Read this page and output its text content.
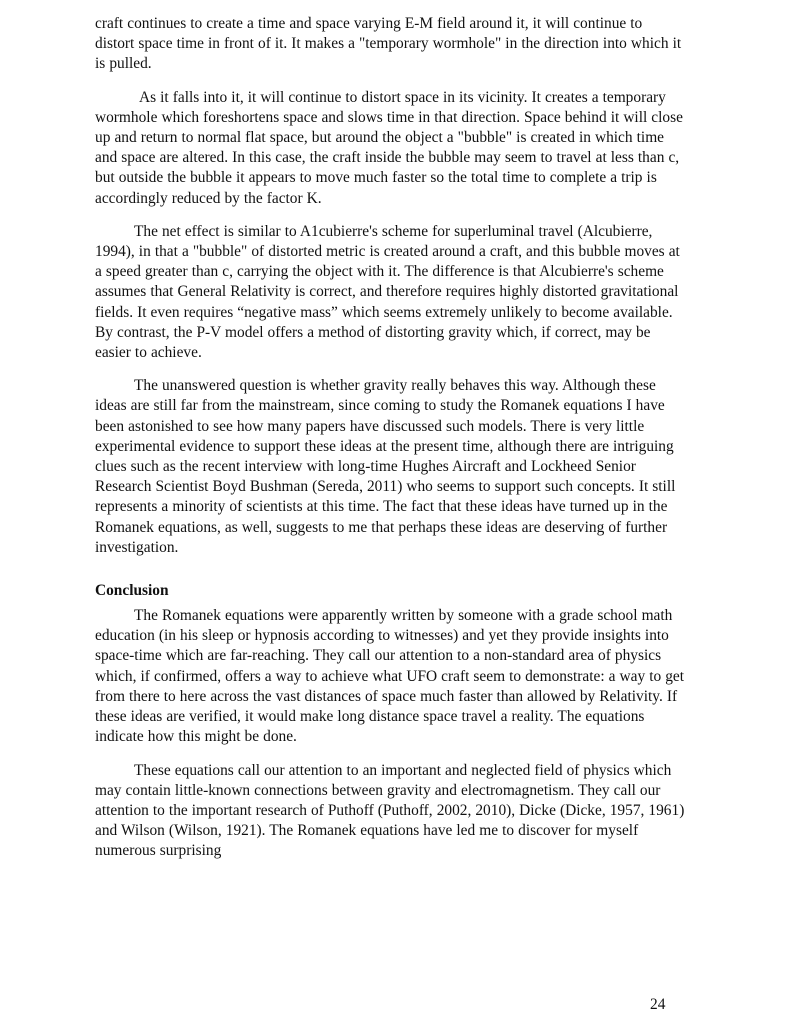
craft continues to create a time and space varying E-M field around it, it will continue to distort space time in front of it. It makes a "temporary wormhole" in the direction into which it is pulled.

As it falls into it, it will continue to distort space in its vicinity. It creates a temporary wormhole which foreshortens space and slows time in that direction. Space behind it will close up and return to normal flat space, but around the object a "bubble" is created in which time and space are altered. In this case, the craft inside the bubble may seem to travel at less than c, but outside the bubble it appears to move much faster so the total time to complete a trip is accordingly reduced by the factor K.

The net effect is similar to A1cubierre's scheme for superluminal travel (Alcubierre, 1994), in that a "bubble" of distorted metric is created around a craft, and this bubble moves at a speed greater than c, carrying the object with it. The difference is that Alcubierre's scheme assumes that General Relativity is correct, and therefore requires highly distorted gravitational fields. It even requires “negative mass” which seems extremely unlikely to become available. By contrast, the P-V model offers a method of distorting gravity which, if correct, may be easier to achieve.

The unanswered question is whether gravity really behaves this way. Although these ideas are still far from the mainstream, since coming to study the Romanek equations I have been astonished to see how many papers have discussed such models. There is very little experimental evidence to support these ideas at the present time, although there are intriguing clues such as the recent interview with long-time Hughes Aircraft and Lockheed Senior Research Scientist Boyd Bushman (Sereda, 2011) who seems to support such concepts. It still represents a minority of scientists at this time. The fact that these ideas have turned up in the Romanek equations, as well, suggests to me that perhaps these ideas are deserving of further investigation.

Conclusion

The Romanek equations were apparently written by someone with a grade school math education (in his sleep or hypnosis according to witnesses) and yet they provide insights into space-time which are far-reaching. They call our attention to a non-standard area of physics which, if confirmed, offers a way to achieve what UFO craft seem to demonstrate: a way to get from there to here across the vast distances of space much faster than allowed by Relativity. If these ideas are verified, it would make long distance space travel a reality. The equations indicate how this might be done.

These equations call our attention to an important and neglected field of physics which may contain little-known connections between gravity and electromagnetism. They call our attention to the important research of Puthoff (Puthoff, 2002, 2010), Dicke (Dicke, 1957, 1961) and Wilson (Wilson, 1921). The Romanek equations have led me to discover for myself numerous surprising

24
